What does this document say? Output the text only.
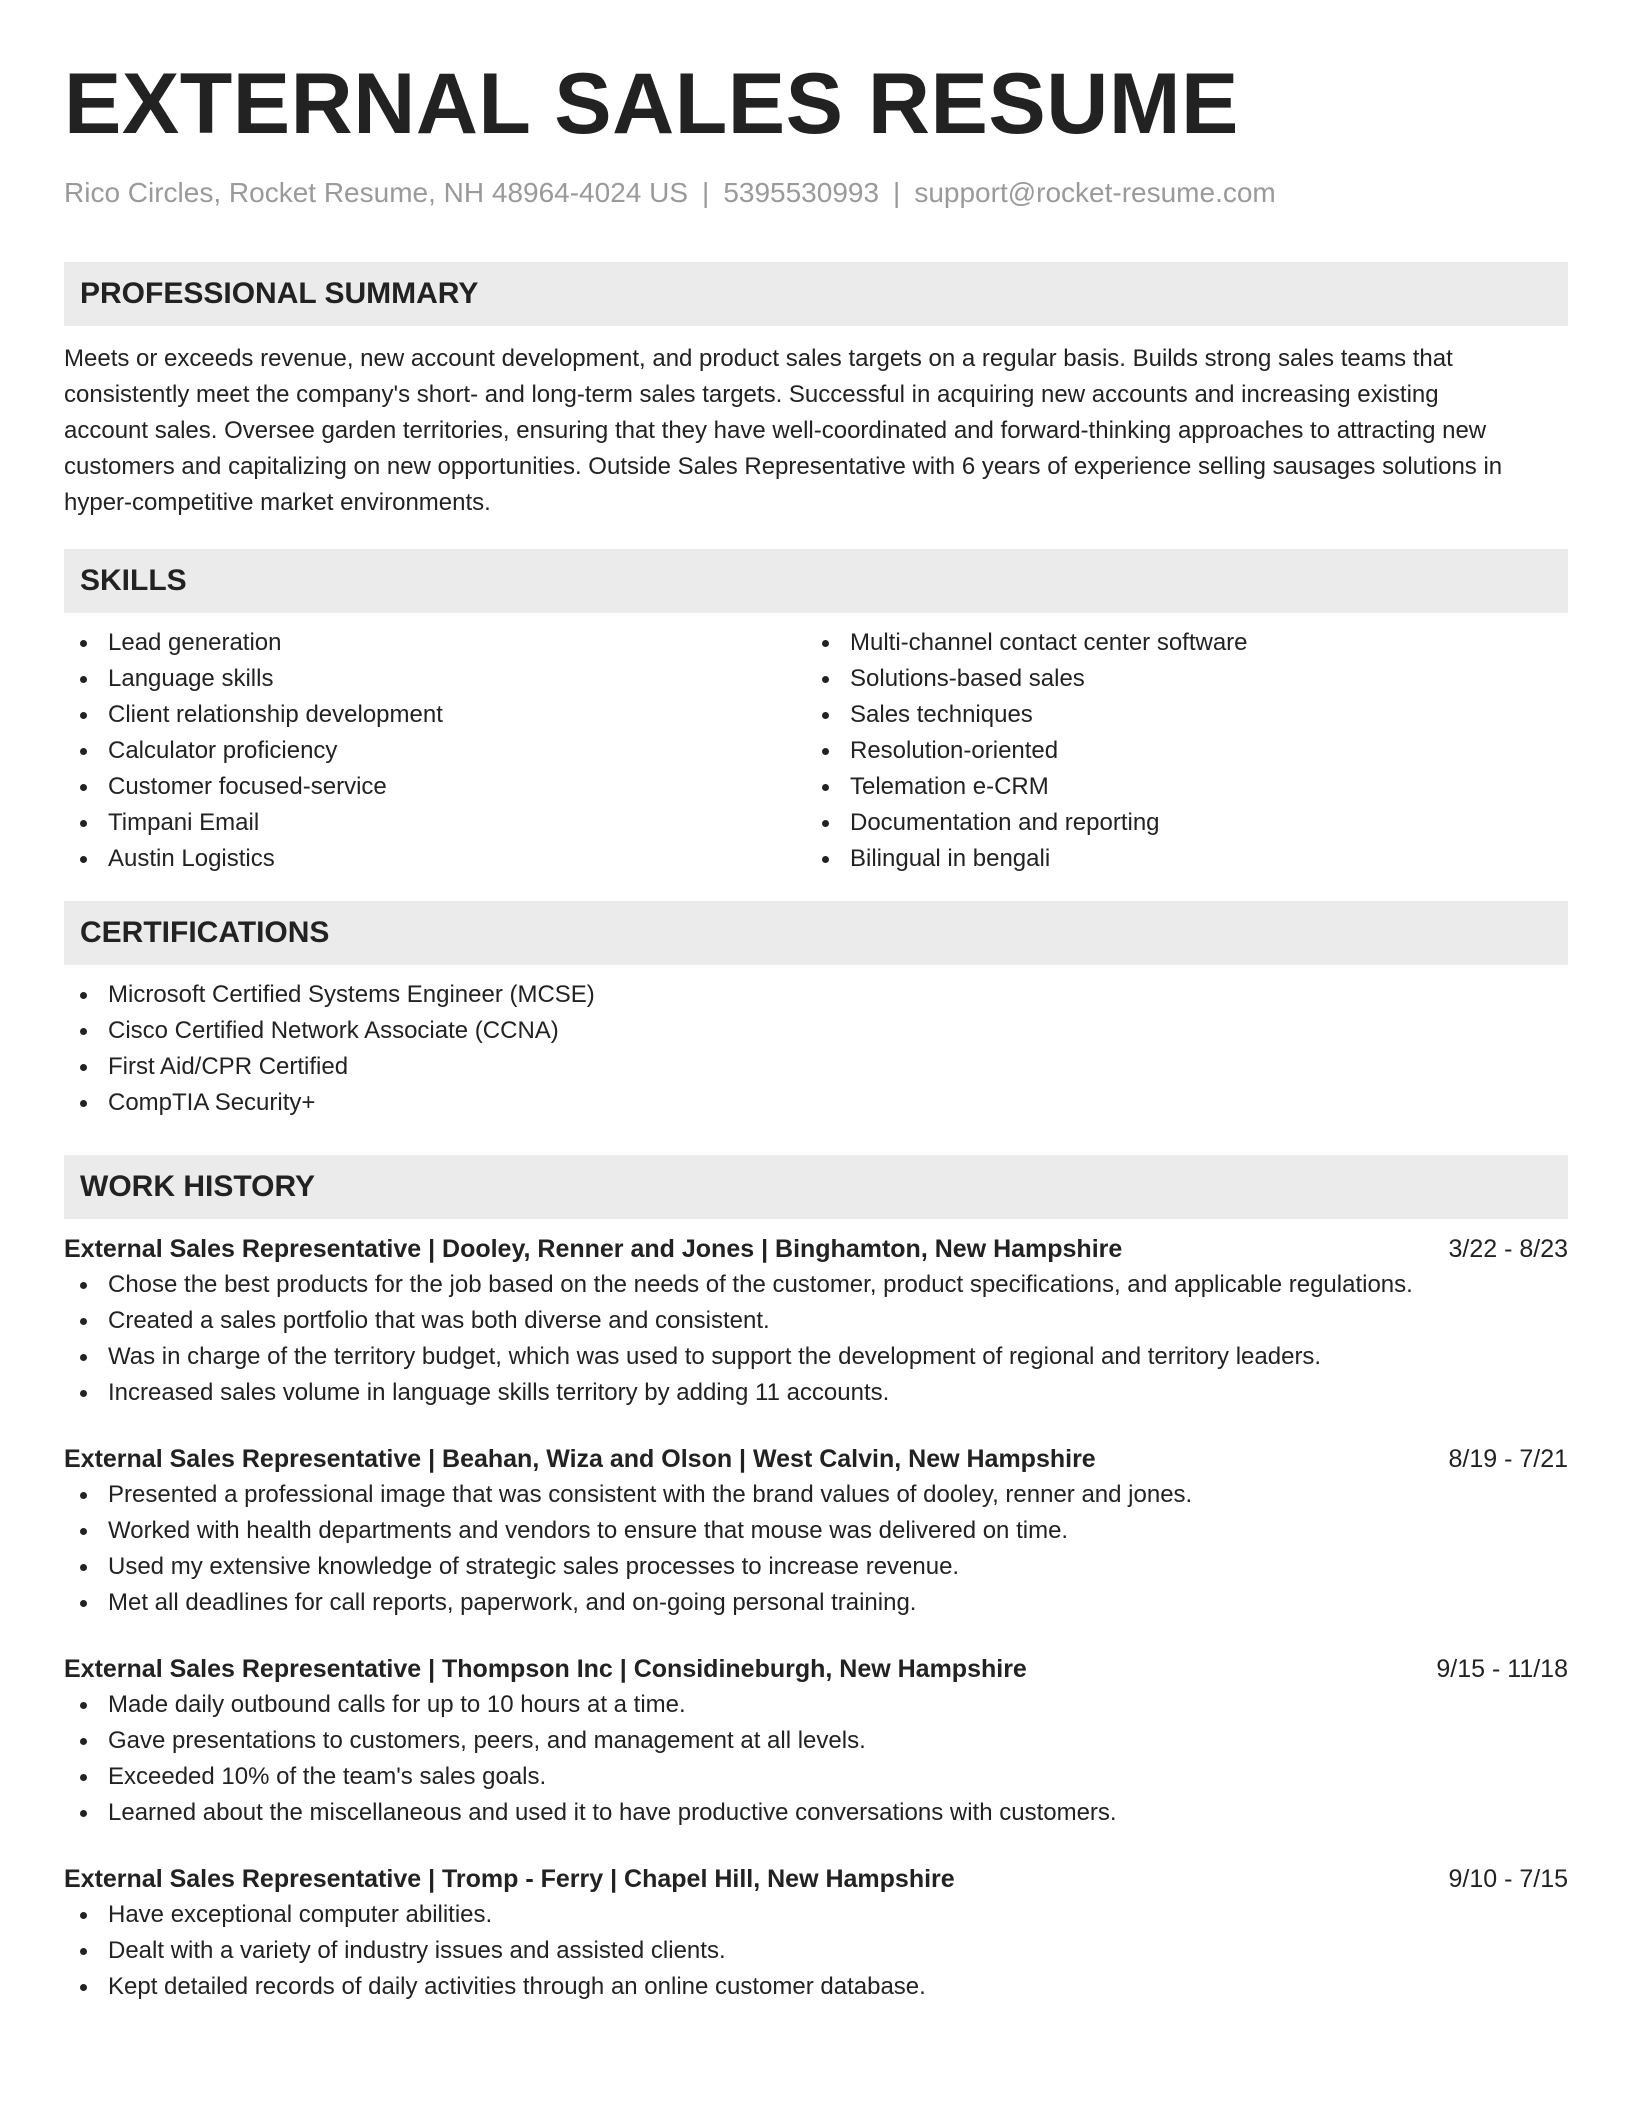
EXTERNAL SALES RESUME
Rico Circles, Rocket Resume, NH 48964-4024 US | 5395530993 | support@rocket-resume.com
PROFESSIONAL SUMMARY
Meets or exceeds revenue, new account development, and product sales targets on a regular basis. Builds strong sales teams that
consistently meet the company's short- and long-term sales targets. Successful in acquiring new accounts and increasing existing
account sales. Oversee garden territories, ensuring that they have well-coordinated and forward-thinking approaches to attracting new
customers and capitalizing on new opportunities. Outside Sales Representative with 6 years of experience selling sausages solutions in
hyper-competitive market environments.
SKILLS
Lead generation
Language skills
Client relationship development
Calculator proficiency
Customer focused-service
Timpani Email
Austin Logistics
Multi-channel contact center software
Solutions-based sales
Sales techniques
Resolution-oriented
Telemation e-CRM
Documentation and reporting
Bilingual in bengali
CERTIFICATIONS
Microsoft Certified Systems Engineer (MCSE)
Cisco Certified Network Associate (CCNA)
First Aid/CPR Certified
CompTIA Security+
WORK HISTORY
External Sales Representative | Dooley, Renner and Jones | Binghamton, New Hampshire	3/22 - 8/23
Chose the best products for the job based on the needs of the customer, product specifications, and applicable regulations.
Created a sales portfolio that was both diverse and consistent.
Was in charge of the territory budget, which was used to support the development of regional and territory leaders.
Increased sales volume in language skills territory by adding 11 accounts.
External Sales Representative | Beahan, Wiza and Olson | West Calvin, New Hampshire	8/19 - 7/21
Presented a professional image that was consistent with the brand values of dooley, renner and jones.
Worked with health departments and vendors to ensure that mouse was delivered on time.
Used my extensive knowledge of strategic sales processes to increase revenue.
Met all deadlines for call reports, paperwork, and on-going personal training.
External Sales Representative | Thompson Inc | Considineburgh, New Hampshire	9/15 - 11/18
Made daily outbound calls for up to 10 hours at a time.
Gave presentations to customers, peers, and management at all levels.
Exceeded 10% of the team's sales goals.
Learned about the miscellaneous and used it to have productive conversations with customers.
External Sales Representative | Tromp - Ferry | Chapel Hill, New Hampshire	9/10 - 7/15
Have exceptional computer abilities.
Dealt with a variety of industry issues and assisted clients.
Kept detailed records of daily activities through an online customer database.
